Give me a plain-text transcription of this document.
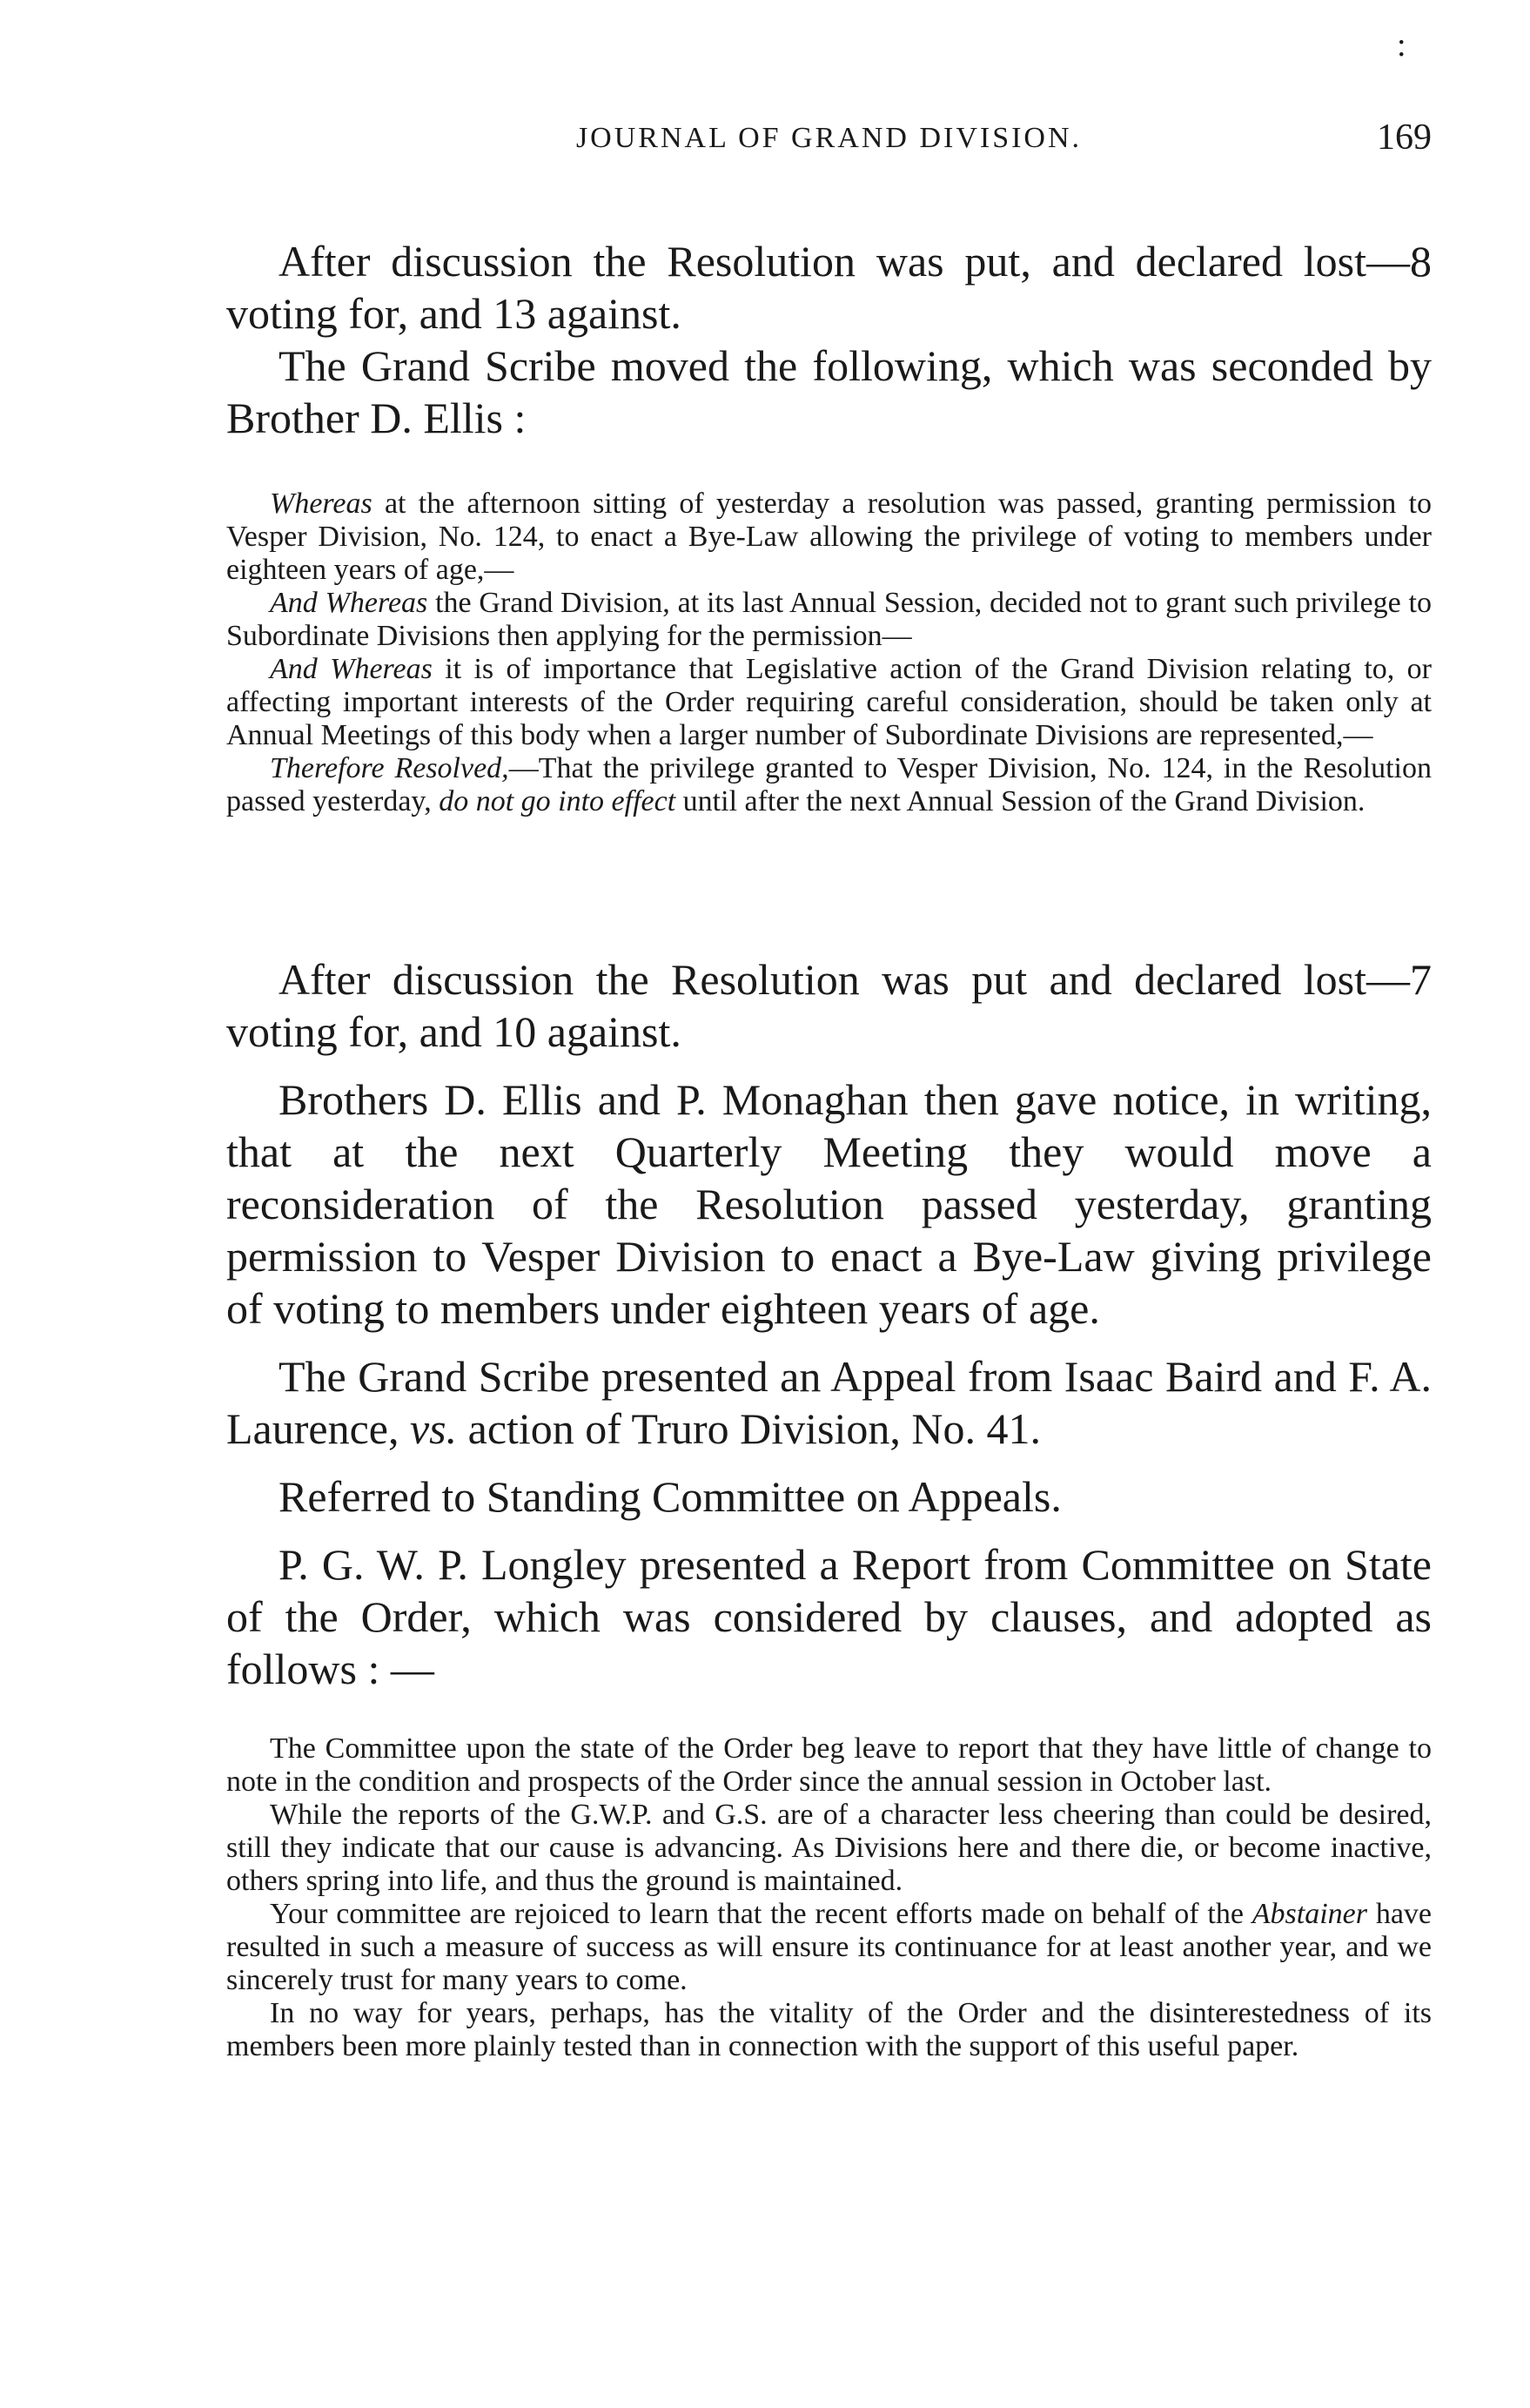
:
JOURNAL OF GRAND DIVISION.	169

After discussion the Resolution was put, and declared lost—8 voting for, and 13 against.

The Grand Scribe moved the following, which was seconded by Brother D. Ellis :

Whereas at the afternoon sitting of yesterday a resolution was passed, granting permission to Vesper Division, No. 124, to enact a Bye-Law allowing the privilege of voting to members under eighteen years of age,—

And Whereas the Grand Division, at its last Annual Session, decided not to grant such privilege to Subordinate Divisions then applying for the permission—

And Whereas it is of importance that Legislative action of the Grand Division relating to, or affecting important interests of the Order requiring careful consideration, should be taken only at Annual Meetings of this body when a larger number of Subordinate Divisions are represented,—

Therefore Resolved,—That the privilege granted to Vesper Division, No. 124, in the Resolution passed yesterday, do not go into effect until after the next Annual Session of the Grand Division.

After discussion the Resolution was put and declared lost—7 voting for, and 10 against.

Brothers D. Ellis and P. Monaghan then gave notice, in writing, that at the next Quarterly Meeting they would move a reconsideration of the Resolution passed yesterday, granting permission to Vesper Division to enact a Bye-Law giving privilege of voting to members under eighteen years of age.

The Grand Scribe presented an Appeal from Isaac Baird and F. A. Laurence, vs. action of Truro Division, No. 41.

Referred to Standing Committee on Appeals.

P. G. W. P. Longley presented a Report from Committee on State of the Order, which was considered by clauses, and adopted as follows : —

The Committee upon the state of the Order beg leave to report that they have little of change to note in the condition and prospects of the Order since the annual session in October last.

While the reports of the G.W.P. and G.S. are of a character less cheering than could be desired, still they indicate that our cause is advancing. As Divisions here and there die, or become inactive, others spring into life, and thus the ground is maintained.

Your committee are rejoiced to learn that the recent efforts made on behalf of the Abstainer have resulted in such a measure of success as will ensure its continuance for at least another year, and we sincerely trust for many years to come.

In no way for years, perhaps, has the vitality of the Order and the disinterestedness of its members been more plainly tested than in connection with the support of this useful paper.
